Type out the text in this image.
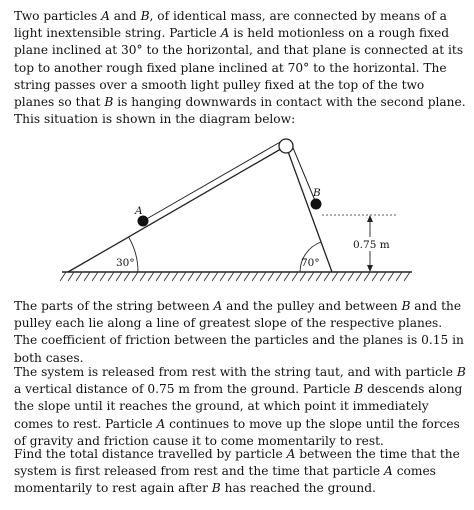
Two particles A and B, of identical mass, are connected by means of a light inextensible string. Particle A is held motionless on a rough fixed plane inclined at 30° to the horizontal, and that plane is connected at its top to another rough fixed plane inclined at 70° to the horizontal. The string passes over a smooth light pulley fixed at the top of the two planes so that B is hanging downwards in contact with the second plane. This situation is shown in the diagram below:

A
B
30°	70°
0.75 m

The parts of the string between A and the pulley and between B and the pulley each lie along a line of greatest slope of the respective planes. The coefficient of friction between the particles and the planes is 0.15 in both cases.

The system is released from rest with the string taut, and with particle B a vertical distance of 0.75 m from the ground. Particle B descends along the slope until it reaches the ground, at which point it immediately comes to rest. Particle A continues to move up the slope until the forces of gravity and friction cause it to come momentarily to rest.

Find the total distance travelled by particle A between the time that the system is first released from rest and the time that particle A comes momentarily to rest again after B has reached the ground.
